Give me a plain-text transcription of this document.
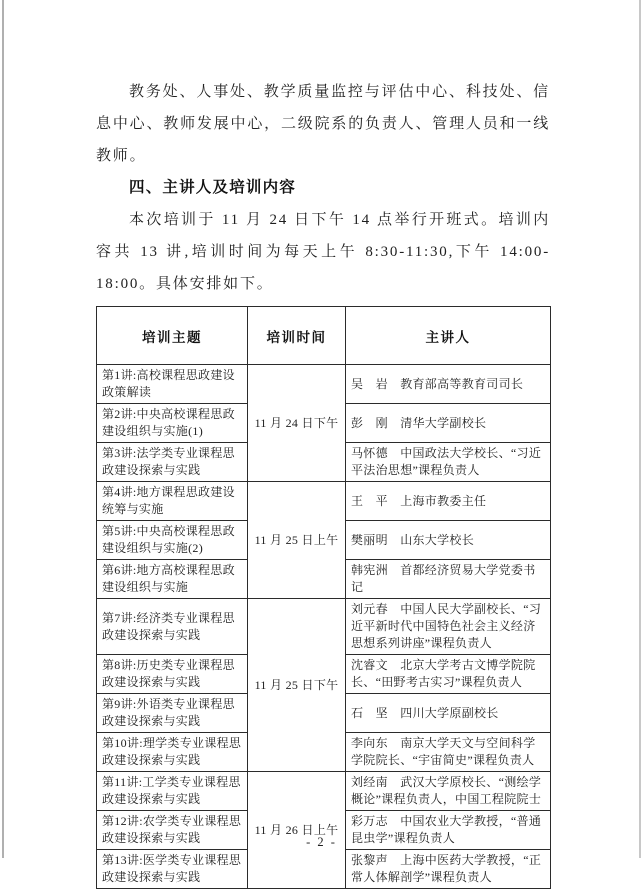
教务处、人事处、教学质量监控与评估中心、科技处、信息中心、教师发展中心，二级院系的负责人、管理人员和一线教师。

四、主讲人及培训内容

本次培训于 11 月 24 日下午 14 点举行开班式。培训内容共 13 讲,培训时间为每天上午 8:30-11:30,下午 14:00-18:00。具体安排如下。

培训主题	培训时间	主讲人
第1讲:高校课程思政建设政策解读	11 月 24 日下午	吴　岩　教育部高等教育司司长
第2讲:中央高校课程思政建设组织与实施(1)		彭　刚　清华大学副校长
第3讲:法学类专业课程思政建设探索与实践		马怀德　中国政法大学校长、“习近平法治思想”课程负责人
第4讲:地方课程思政建设统筹与实施	11 月 25 日上午	王　平　上海市教委主任
第5讲:中央高校课程思政建设组织与实施(2)		樊丽明　山东大学校长
第6讲:地方高校课程思政建设组织与实施		韩宪洲　首都经济贸易大学党委书记
第7讲:经济类专业课程思政建设探索与实践	11 月 25 日下午	刘元春　中国人民大学副校长、“习近平新时代中国特色社会主义经济思想系列讲座”课程负责人
第8讲:历史类专业课程思政建设探索与实践		沈睿文　北京大学考古文博学院院长、“田野考古实习”课程负责人
第9讲:外语类专业课程思政建设探索与实践		石　坚　四川大学原副校长
第10讲:理学类专业课程思政建设探索与实践		李向东　南京大学天文与空间科学学院院长、“宇宙简史”课程负责人
第11讲:工学类专业课程思政建设探索与实践	11 月 26 日上午	刘经南　武汉大学原校长、“测绘学概论”课程负责人，中国工程院院士
第12讲:农学类专业课程思政建设探索与实践		彩万志　中国农业大学教授，“普通昆虫学”课程负责人
第13讲:医学类专业课程思政建设探索与实践		张黎声　上海中医药大学教授，“正常人体解剖学”课程负责人
- 2 -
